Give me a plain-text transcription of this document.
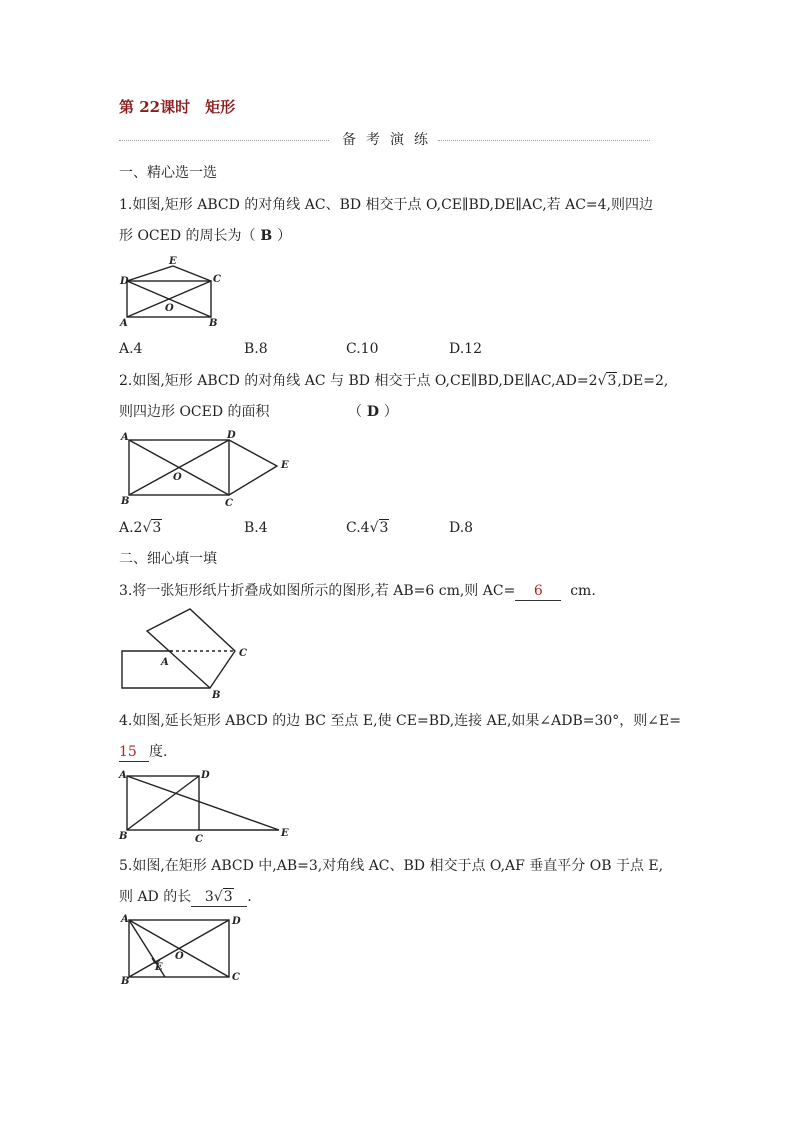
第 22课时　矩形
备考演练
一、精心选一选
1.如图,矩形 ABCD 的对角线 AC、BD 相交于点 O,CE∥BD,DE∥AC,若 AC=4,则四边
形 OCED 的周长为（ B ）
D
E
C
O
A	B
A.4	B.8	C.10	D.12
2.如图,矩形 ABCD 的对角线 AC 与 BD 相交于点 O,CE∥BD,DE∥AC,AD=2√3,DE=2,
则四边形 OCED 的面积	（ D ）
A	D
E
O
B	C
A.2√3	B.4	C.4√3	D.8
二、细心填一填
3.将一张矩形纸片折叠成如图所示的图形,若 AB=6 cm,则 AC= 6 cm.
A
C
B
4.如图,延长矩形 ABCD 的边 BC 至点 E,使 CE=BD,连接 AE,如果∠ADB=30°，则∠E=
15 度.
A	D
B	C
E
5.如图,在矩形 ABCD 中,AB=3,对角线 AC、BD 相交于点 O,AF 垂直平分 OB 于点 E,
则 AD 的长 3√3 .
A	D
O
E
B	C
